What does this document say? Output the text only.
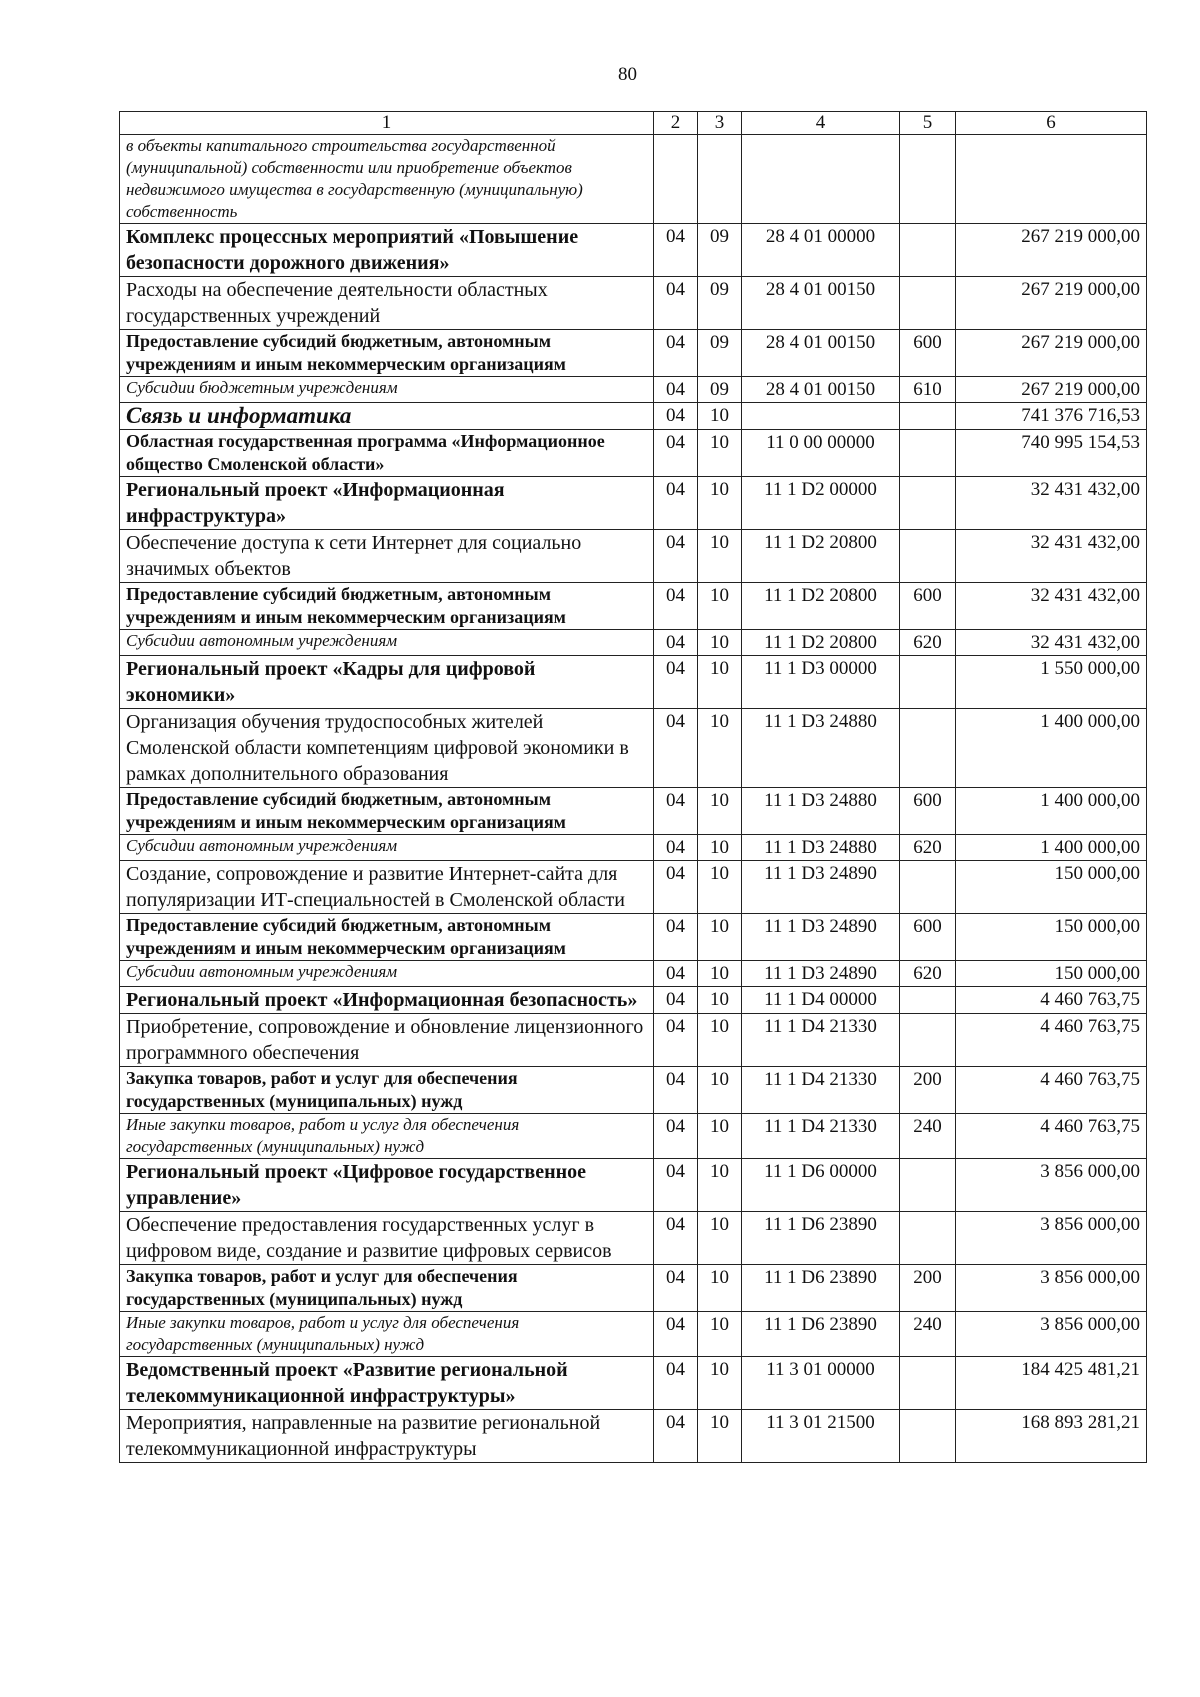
80
1	2	3	4	5	6
в объекты капитального строительства государственной (муниципальной) собственности или приобретение объектов недвижимого имущества в государственную (муниципальную) собственность					
Комплекс процессных мероприятий «Повышение безопасности дорожного движения»	04	09	28 4 01 00000		267 219 000,00
Расходы на обеспечение деятельности областных государственных учреждений	04	09	28 4 01 00150		267 219 000,00
Предоставление субсидий бюджетным, автономным учреждениям и иным некоммерческим организациям	04	09	28 4 01 00150	600	267 219 000,00
Субсидии бюджетным учреждениям	04	09	28 4 01 00150	610	267 219 000,00
Связь и информатика	04	10			741 376 716,53
Областная государственная программа «Информационное общество Смоленской области»	04	10	11 0 00 00000		740 995 154,53
Региональный проект «Информационная инфраструктура»	04	10	11 1 D2 00000		32 431 432,00
Обеспечение доступа к сети Интернет для социально значимых объектов	04	10	11 1 D2 20800		32 431 432,00
Предоставление субсидий бюджетным, автономным учреждениям и иным некоммерческим организациям	04	10	11 1 D2 20800	600	32 431 432,00
Субсидии автономным учреждениям	04	10	11 1 D2 20800	620	32 431 432,00
Региональный проект «Кадры для цифровой экономики»	04	10	11 1 D3 00000		1 550 000,00
Организация обучения трудоспособных жителей Смоленской области компетенциям цифровой экономики в рамках дополнительного образования	04	10	11 1 D3 24880		1 400 000,00
Предоставление субсидий бюджетным, автономным учреждениям и иным некоммерческим организациям	04	10	11 1 D3 24880	600	1 400 000,00
Субсидии автономным учреждениям	04	10	11 1 D3 24880	620	1 400 000,00
Создание, сопровождение и развитие Интернет-сайта для популяризации ИТ-специальностей в Смоленской области	04	10	11 1 D3 24890		150 000,00
Предоставление субсидий бюджетным, автономным учреждениям и иным некоммерческим организациям	04	10	11 1 D3 24890	600	150 000,00
Субсидии автономным учреждениям	04	10	11 1 D3 24890	620	150 000,00
Региональный проект «Информационная безопасность»	04	10	11 1 D4 00000		4 460 763,75
Приобретение, сопровождение и обновление лицензионного программного обеспечения	04	10	11 1 D4 21330		4 460 763,75
Закупка товаров, работ и услуг для обеспечения государственных (муниципальных) нужд	04	10	11 1 D4 21330	200	4 460 763,75
Иные закупки товаров, работ и услуг для обеспечения государственных (муниципальных) нужд	04	10	11 1 D4 21330	240	4 460 763,75
Региональный проект «Цифровое государственное управление»	04	10	11 1 D6 00000		3 856 000,00
Обеспечение предоставления государственных услуг в цифровом виде, создание и развитие цифровых сервисов	04	10	11 1 D6 23890		3 856 000,00
Закупка товаров, работ и услуг для обеспечения государственных (муниципальных) нужд	04	10	11 1 D6 23890	200	3 856 000,00
Иные закупки товаров, работ и услуг для обеспечения государственных (муниципальных) нужд	04	10	11 1 D6 23890	240	3 856 000,00
Ведомственный проект «Развитие региональной телекоммуникационной инфраструктуры»	04	10	11 3 01 00000		184 425 481,21
Мероприятия, направленные на развитие региональной телекоммуникационной инфраструктуры	04	10	11 3 01 21500		168 893 281,21
